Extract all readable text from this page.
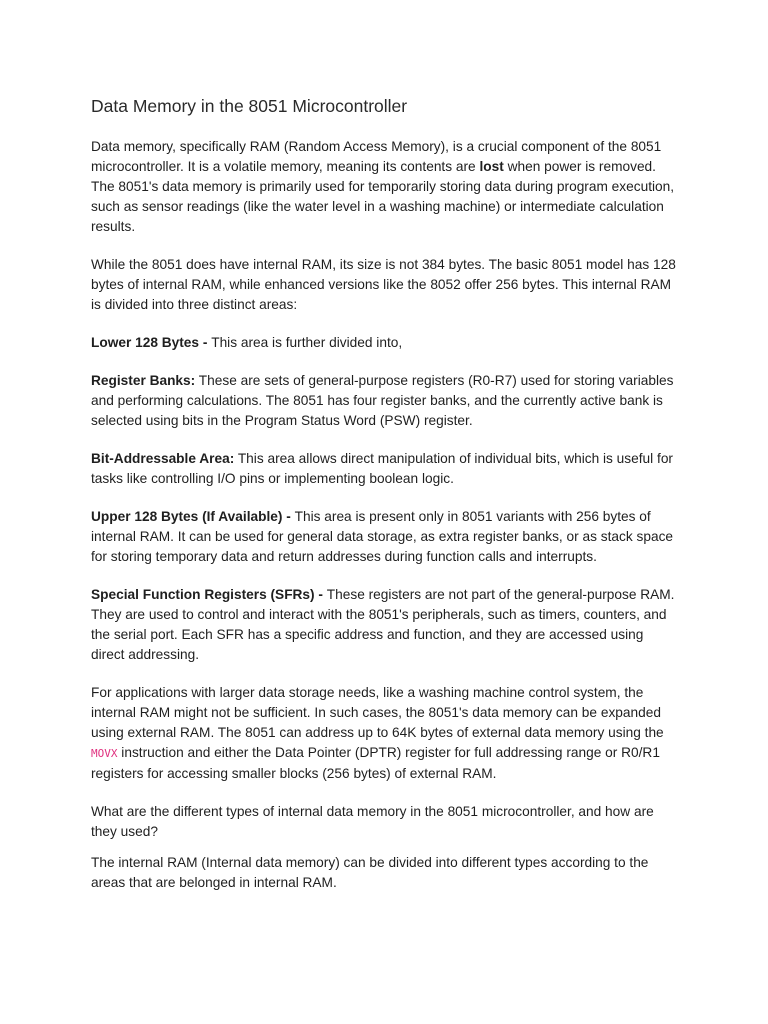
Data Memory in the 8051 Microcontroller

Data memory, specifically RAM (Random Access Memory), is a crucial component of the 8051 microcontroller. It is a volatile memory, meaning its contents are lost when power is removed. The 8051's data memory is primarily used for temporarily storing data during program execution, such as sensor readings (like the water level in a washing machine) or intermediate calculation results.

While the 8051 does have internal RAM, its size is not 384 bytes. The basic 8051 model has 128 bytes of internal RAM, while enhanced versions like the 8052 offer 256 bytes. This internal RAM is divided into three distinct areas:

Lower 128 Bytes - This area is further divided into,

Register Banks: These are sets of general-purpose registers (R0-R7) used for storing variables and performing calculations. The 8051 has four register banks, and the currently active bank is selected using bits in the Program Status Word (PSW) register.

Bit-Addressable Area: This area allows direct manipulation of individual bits, which is useful for tasks like controlling I/O pins or implementing boolean logic.

Upper 128 Bytes (If Available) - This area is present only in 8051 variants with 256 bytes of internal RAM. It can be used for general data storage, as extra register banks, or as stack space for storing temporary data and return addresses during function calls and interrupts.

Special Function Registers (SFRs) - These registers are not part of the general-purpose RAM. They are used to control and interact with the 8051's peripherals, such as timers, counters, and the serial port. Each SFR has a specific address and function, and they are accessed using direct addressing.

For applications with larger data storage needs, like a washing machine control system, the internal RAM might not be sufficient. In such cases, the 8051's data memory can be expanded using external RAM. The 8051 can address up to 64K bytes of external data memory using the MOVX instruction and either the Data Pointer (DPTR) register for full addressing range or R0/R1 registers for accessing smaller blocks (256 bytes) of external RAM.

What are the different types of internal data memory in the 8051 microcontroller, and how are they used?

The internal RAM (Internal data memory) can be divided into different types according to the areas that are belonged in internal RAM.
